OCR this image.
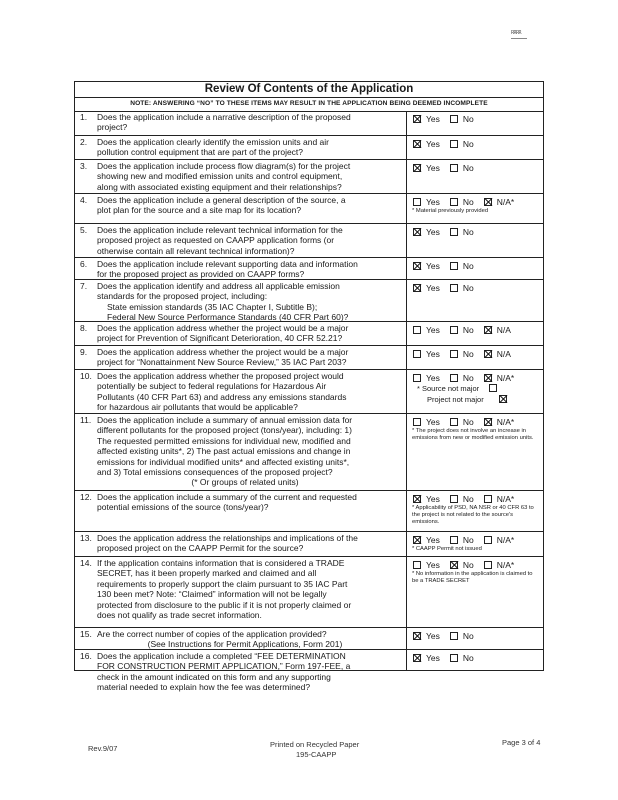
RRRR
Review Of Contents of the Application
NOTE: ANSWERING “NO” TO THESE ITEMS MAY RESULT IN THE APPLICATION BEING DEEMED INCOMPLETE
1. Does the application include a narrative description of the proposed
project?
Yes	No
2. Does the application clearly identify the emission units and air
pollution control equipment that are part of the project?
Yes	No
3. Does the application include process flow diagram(s) for the project
showing new and modified emission units and control equipment,
along with associated existing equipment and their relationships?
Yes	No
4. Does the application include a general description of the source, a
plot plan for the source and a site map for its location?
Yes	No	N/A*
* Material previously provided
5. Does the application include relevant technical information for the
proposed project as requested on CAAPP application forms (or
otherwise contain all relevant technical information)?
Yes	No
6. Does the application include relevant supporting data and information
for the proposed project as provided on CAAPP forms?
Yes	No
7. Does the application identify and address all applicable emission
standards for the proposed project, including:
State emission standards (35 IAC Chapter I, Subtitle B);
Federal New Source Performance Standards (40 CFR Part 60)?
Yes	No
8. Does the application address whether the project would be a major
project for Prevention of Significant Deterioration, 40 CFR 52.21?
Yes	No	N/A
9. Does the application address whether the project would be a major
project for “Nonattainment New Source Review,” 35 IAC Part 203?
Yes	No	N/A
10. Does the application address whether the proposed project would
potentially be subject to federal regulations for Hazardous Air
Pollutants (40 CFR Part 63) and address any emissions standards
for hazardous air pollutants that would be applicable?
Yes	No	N/A*
* Source not major
Project not major
11. Does the application include a summary of annual emission data for
different pollutants for the proposed project (tons/year), including: 1)
The requested permitted emissions for individual new, modified and
affected existing units*, 2) The past actual emissions and change in
emissions for individual modified units* and affected existing units*,
and 3) Total emissions consequences of the proposed project?
(* Or groups of related units)
Yes	No	N/A*
* The project does not involve an increase in emissions from new or modified emission units.
12. Does the application include a summary of the current and requested
potential emissions of the source (tons/year)?
Yes	No	N/A*
* Applicability of PSD, NA NSR or 40 CFR 63 to the project is not related to the source's emissions.
13. Does the application address the relationships and implications of the
proposed project on the CAAPP Permit for the source?
Yes	No	N/A*
* CAAPP Permit not issued
14. If the application contains information that is considered a TRADE
SECRET, has it been properly marked and claimed and all
requirements to properly support the claim pursuant to 35 IAC Part
130 been met? Note: “Claimed” information will not be legally
protected from disclosure to the public if it is not properly claimed or
does not qualify as trade secret information.
Yes	No	N/A*
* No information in the application is claimed to be a TRADE SECRET
15. Are the correct number of copies of the application provided?
(See Instructions for Permit Applications, Form 201)
Yes	No
16. Does the application include a completed “FEE DETERMINATION
FOR CONSTRUCTION PERMIT APPLICATION,” Form 197-FEE, a
check in the amount indicated on this form and any supporting
material needed to explain how the fee was determined?
Yes	No
Rev.9/07	Printed on Recycled Paper
195-CAAPP
Page 3 of 4
